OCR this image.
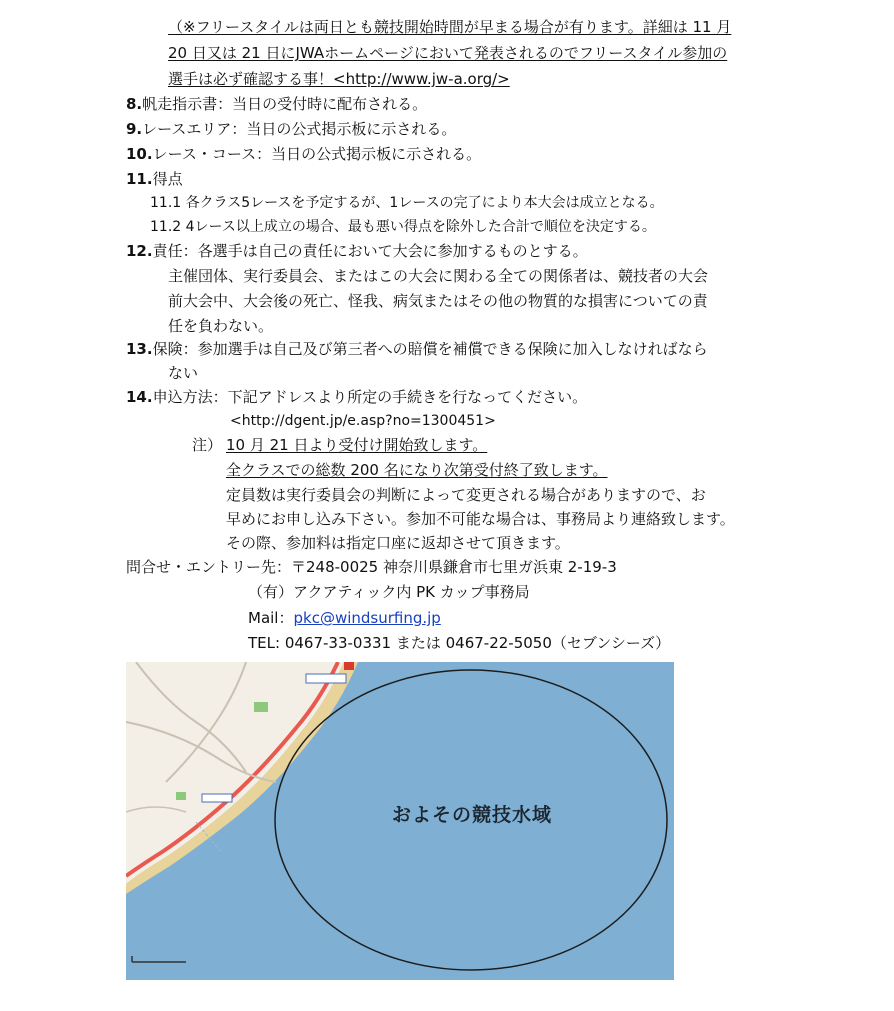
（※フリースタイルは両日とも競技開始時間が早まる場合が有ります。詳細は 11 月
20 日又は 21 日にJWAホームページにおいて発表されるのでフリースタイル参加の
選手は必ず確認する事！<http://www.jw-a.org/>
8.帆走指示書：当日の受付時に配布される。
9.レースエリア：当日の公式掲示板に示される。
10.レース・コース：当日の公式掲示板に示される。
11.得点
11.1 各クラス5レースを予定するが、1レースの完了により本大会は成立となる。
11.2 4レース以上成立の場合、最も悪い得点を除外した合計で順位を決定する。
12.責任：各選手は自己の責任において大会に参加するものとする。
主催団体、実行委員会、またはこの大会に関わる全ての関係者は、競技者の大会
前大会中、大会後の死亡、怪我、病気またはその他の物質的な損害についての責
任を負わない。
13.保険：参加選手は自己及び第三者への賠償を補償できる保険に加入しなければなら
ない
14.申込方法：下記アドレスより所定の手続きを行なってください。
<http://dgent.jp/e.asp?no=1300451>
注） 10 月 21 日より受付け開始致します。
全クラスでの総数 200 名になり次第受付終了致します。
定員数は実行委員会の判断によって変更される場合がありますので、お
早めにお申し込み下さい。参加不可能な場合は、事務局より連絡致します。
その際、参加料は指定口座に返却させて頂きます。
問合せ・エントリー先：〒248-0025 神奈川県鎌倉市七里ガ浜東 2-19-3
（有）アクアティック内 PK カップ事務局
Mail：pkc@windsurfing.jp
TEL: 0467-33-0331 または 0467-22-5050（セブンシーズ）
およその競技水域
